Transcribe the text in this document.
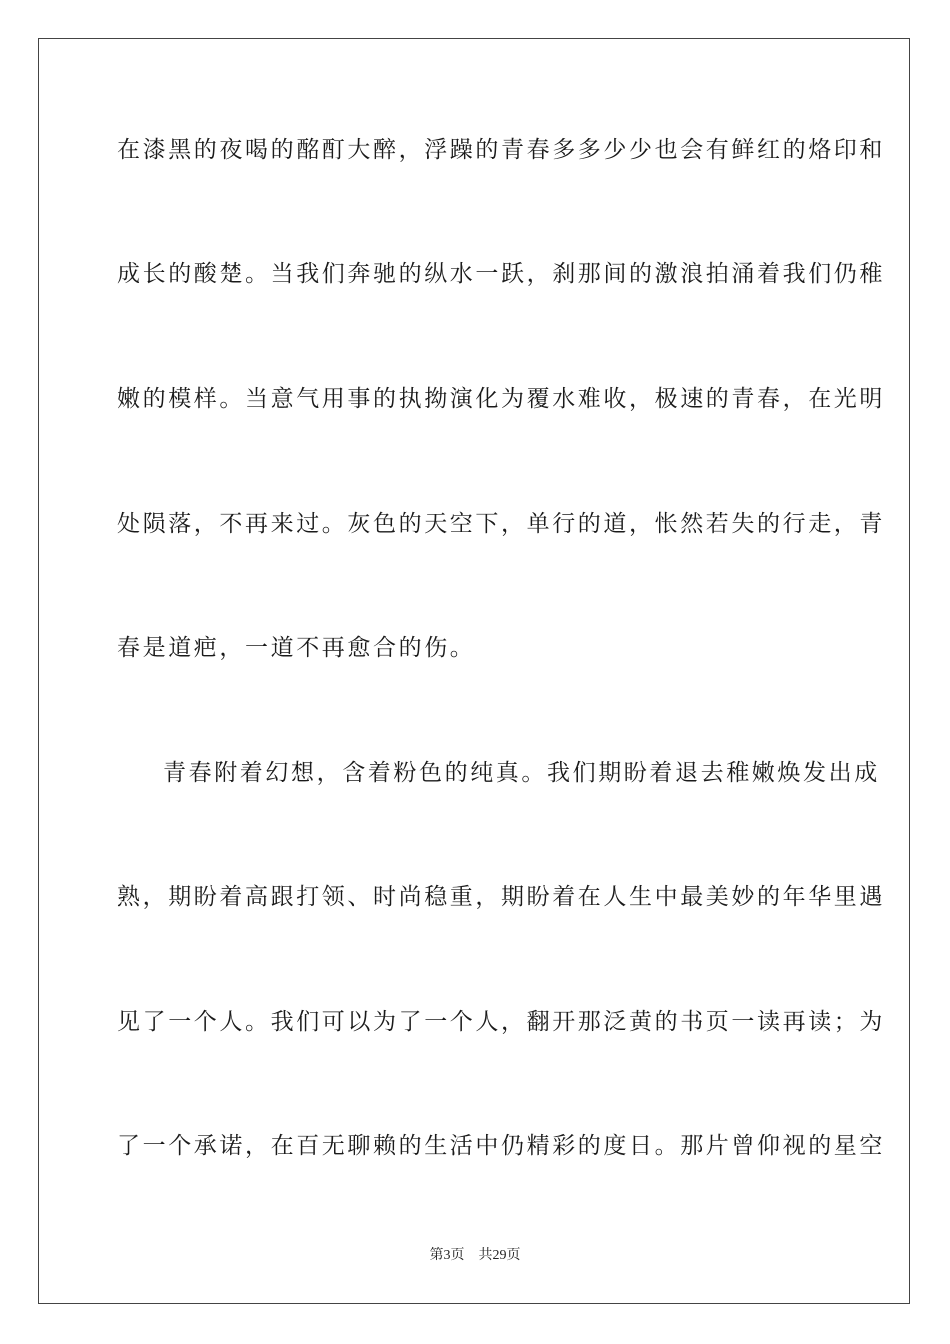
在漆黑的夜喝的酩酊大醉，浮躁的青春多多少少也会有鲜红的烙印和
成长的酸楚。当我们奔驰的纵水一跃，刹那间的激浪拍涌着我们仍稚
嫩的模样。当意气用事的执拗演化为覆水难收，极速的青春，在光明
处陨落，不再来过。灰色的天空下，单行的道，怅然若失的行走，青
春是道疤，一道不再愈合的伤。
青春附着幻想，含着粉色的纯真。我们期盼着退去稚嫩焕发出成
熟，期盼着高跟打领、时尚稳重，期盼着在人生中最美妙的年华里遇
见了一个人。我们可以为了一个人，翻开那泛黄的书页一读再读；为
了一个承诺，在百无聊赖的生活中仍精彩的度日。那片曾仰视的星空
第3页 共29页
